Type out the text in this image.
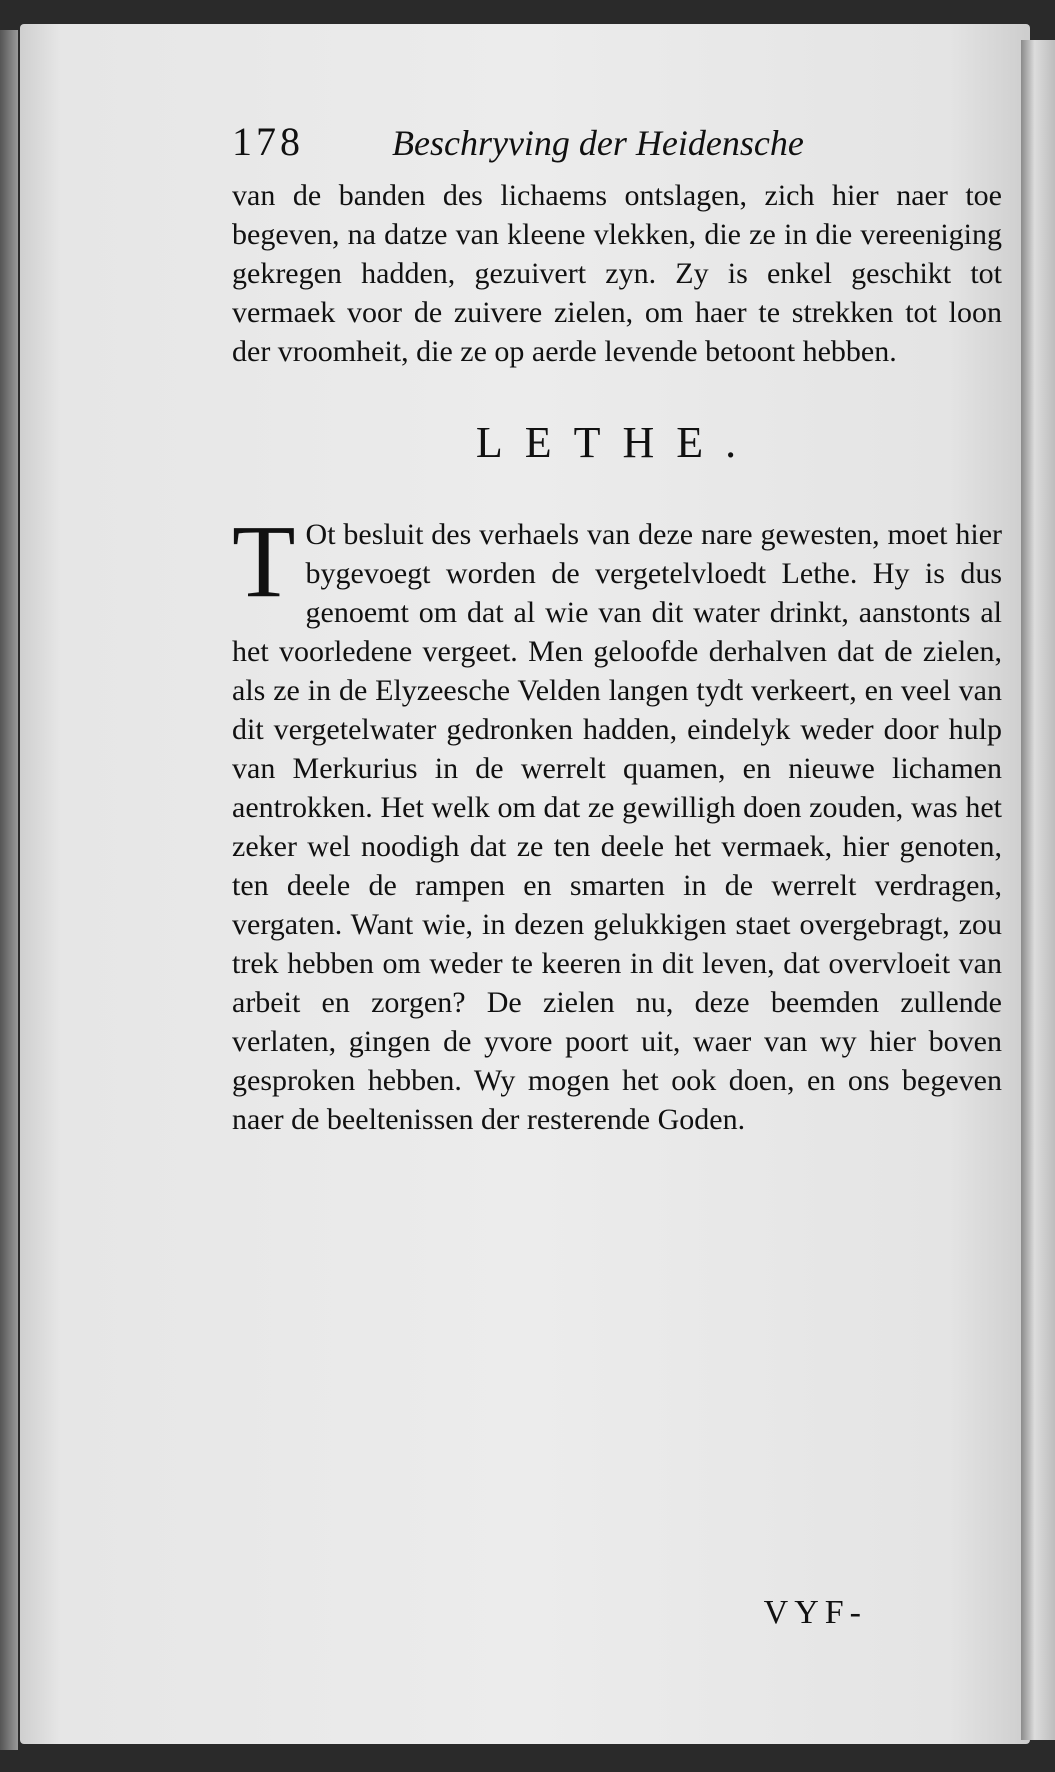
178	Beschryving der Heidensche

van de banden des lichaems ontslagen, zich hier naer toe begeven, na datze van kleene vlekken, die ze in die vereeniging gekregen hadden, gezuivert zyn. Zy is enkel geschikt tot vermaek voor de zuivere zielen, om haer te strekken tot loon der vroomheit, die ze op aerde levende betoont hebben.

LETHE.

T Ot besluit des verhaels van deze nare gewesten, moet hier bygevoegt worden de vergetelvloedt Lethe. Hy is dus genoemt om dat al wie van dit water drinkt, aanstonts al het voorledene vergeet. Men geloofde derhalven dat de zielen, als ze in de Elyzeesche Velden langen tydt verkeert, en veel van dit vergetelwater gedronken hadden, eindelyk weder door hulp van Merkurius in de werrelt quamen, en nieuwe lichamen aentrokken. Het welk om dat ze gewilligh doen zouden, was het zeker wel noodigh dat ze ten deele het vermaek, hier genoten, ten deele de rampen en smarten in de werrelt verdragen, vergaten. Want wie, in dezen gelukkigen staet overgebragt, zou trek hebben om weder te keeren in dit leven, dat overvloeit van arbeit en zorgen? De zielen nu, deze beemden zullende verlaten, gingen de yvore poort uit, waer van wy hier boven gesproken hebben. Wy mogen het ook doen, en ons begeven naer de beeltenissen der resterende Goden.

VYF-
